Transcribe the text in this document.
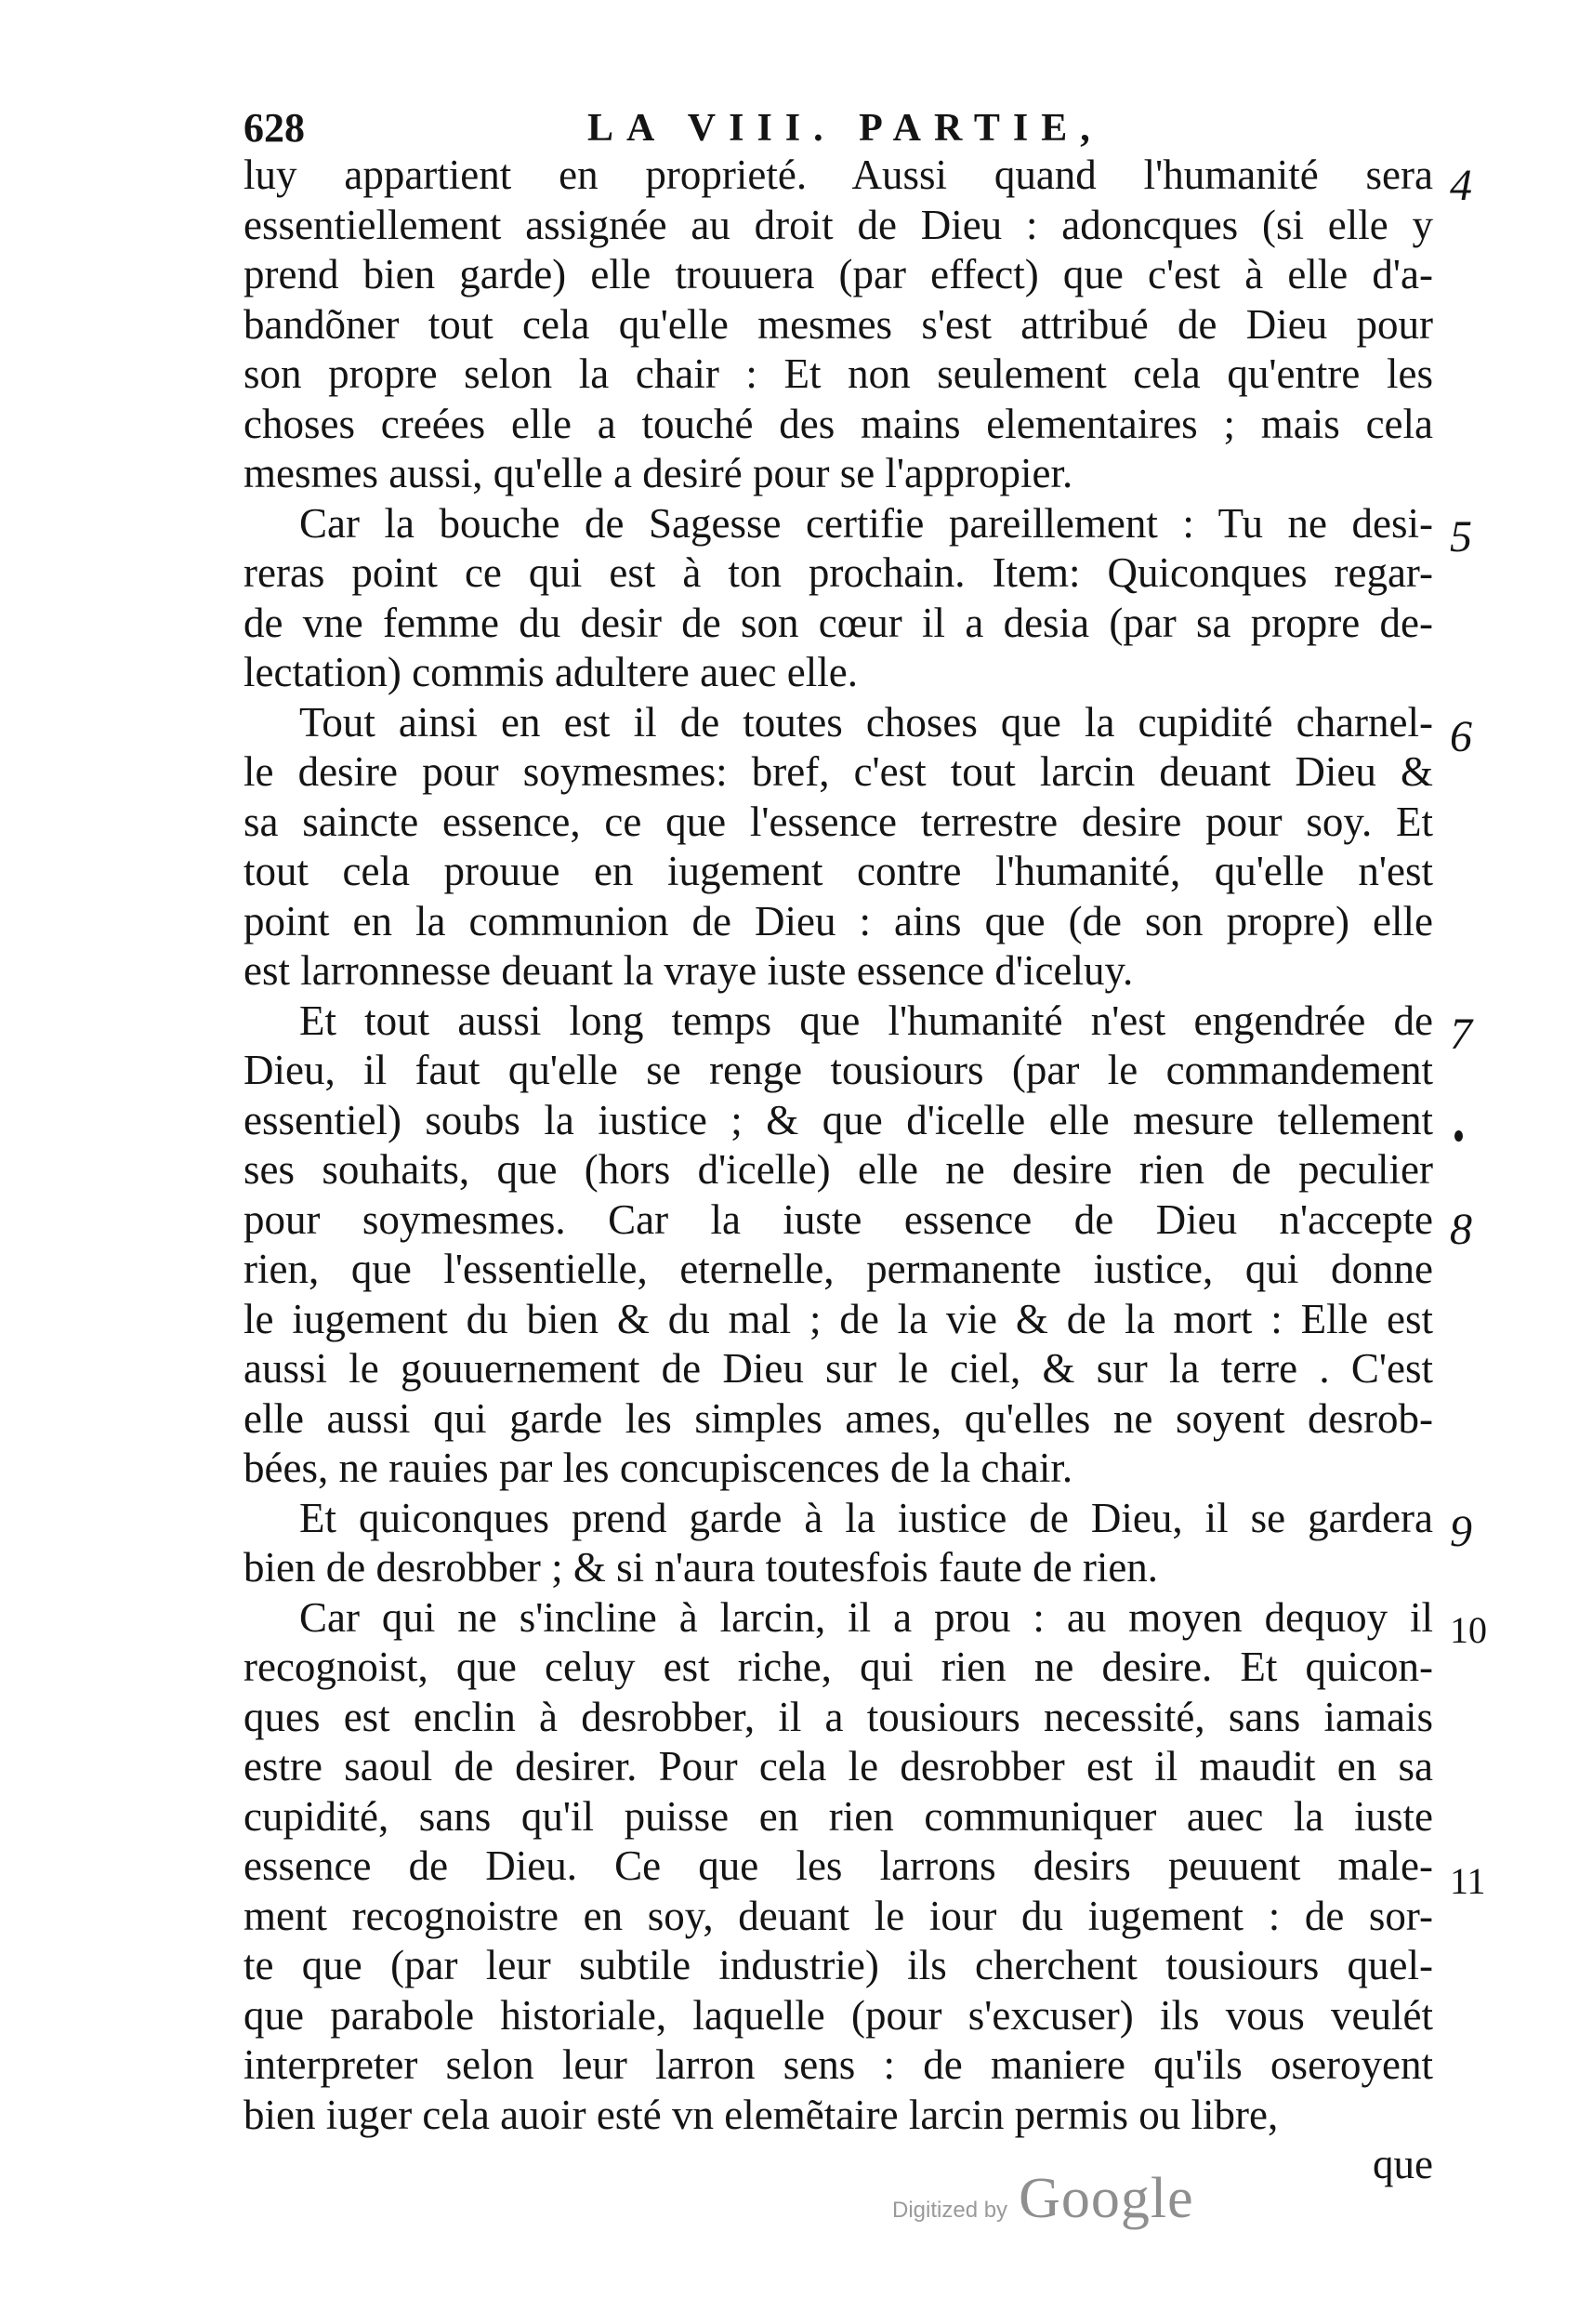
628	LA VIII. PARTIE,
luy appartient en proprieté. Aussi quand l'humanité sera
essentiellement assignée au droit de Dieu : adoncques (si elle y
prend bien garde) elle trouuera (par effect) que c'est à elle d'a-
bandõner tout cela qu'elle mesmes s'est attribué de Dieu pour
son propre selon la chair : Et non seulement cela qu'entre les
choses creées elle a touché des mains elementaires ; mais cela
mesmes aussi, qu'elle a desiré pour se l'appropier.
Car la bouche de Sagesse certifie pareillement : Tu ne desi-
reras point ce qui est à ton prochain. Item: Quiconques regar-
de vne femme du desir de son cœur il a desia (par sa propre de-
lectation) commis adultere auec elle.
Tout ainsi en est il de toutes choses que la cupidité charnel-
le desire pour soymesmes: bref, c'est tout larcin deuant Dieu &
sa saincte essence, ce que l'essence terrestre desire pour soy. Et
tout cela prouue en iugement contre l'humanité, qu'elle n'est
point en la communion de Dieu : ains que (de son propre) elle
est larronnesse deuant la vraye iuste essence d'iceluy.
Et tout aussi long temps que l'humanité n'est engendrée de
Dieu, il faut qu'elle se renge tousiours (par le commandement
essentiel) soubs la iustice ; & que d'icelle elle mesure tellement
ses souhaits, que (hors d'icelle) elle ne desire rien de peculier
pour soymesmes. Car la iuste essence de Dieu n'accepte
rien, que l'essentielle, eternelle, permanente iustice, qui donne
le iugement du bien & du mal ; de la vie & de la mort : Elle est
aussi le gouuernement de Dieu sur le ciel, & sur la terre . C'est
elle aussi qui garde les simples ames, qu'elles ne soyent desrob-
bées, ne rauies par les concupiscences de la chair.
Et quiconques prend garde à la iustice de Dieu, il se gardera
bien de desrobber ; & si n'aura toutesfois faute de rien.
Car qui ne s'incline à larcin, il a prou : au moyen dequoy il
recognoist, que celuy est riche, qui rien ne desire. Et quicon-
ques est enclin à desrobber, il a tousiours necessité, sans iamais
estre saoul de desirer. Pour cela le desrobber est il maudit en sa
cupidité, sans qu'il puisse en rien communiquer auec la iuste
essence de Dieu. Ce que les larrons desirs peuuent male-
ment recognoistre en soy, deuant le iour du iugement : de sor-
te que (par leur subtile industrie) ils cherchent tousiours quel-
que parabole historiale, laquelle (pour s'excuser) ils vous veulét
interpreter selon leur larron sens : de maniere qu'ils oseroyent
bien iuger cela auoir esté vn elemẽtaire larcin permis ou libre,
que
4
5
6
7
8
9
10
11
Digitized by Google
